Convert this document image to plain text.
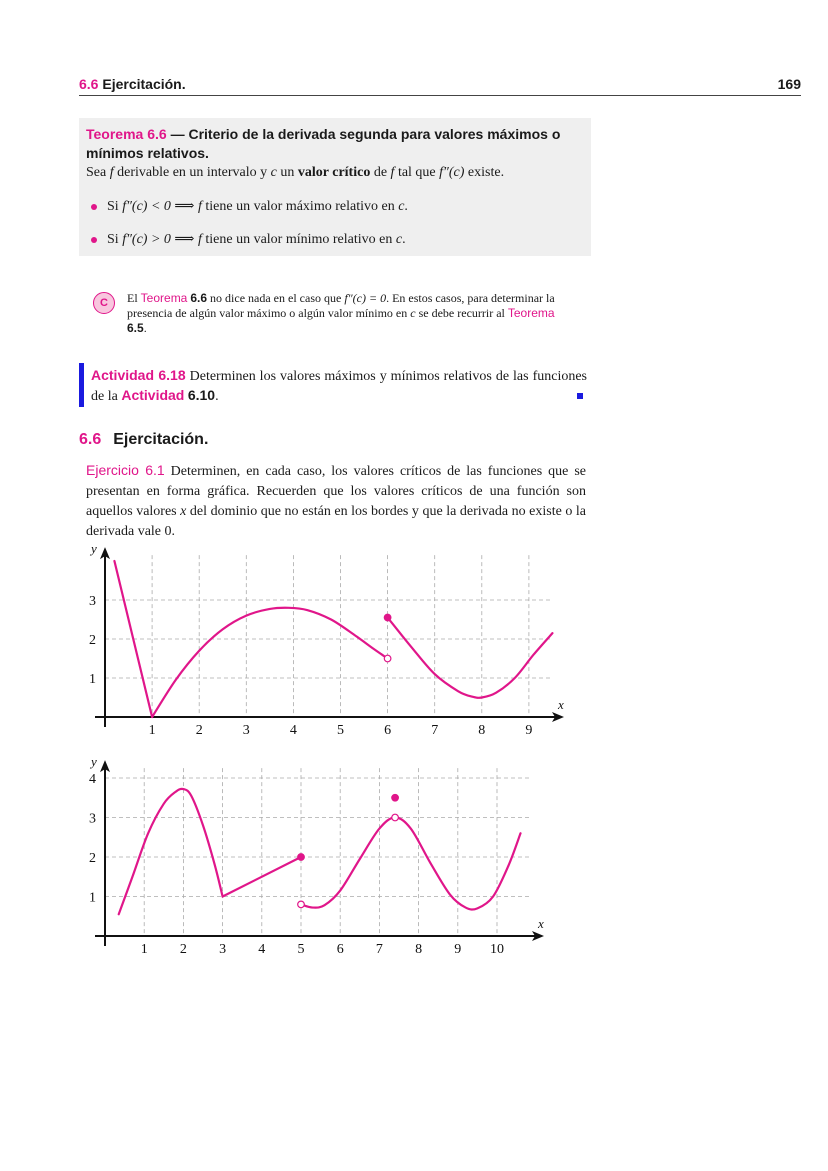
6.6 Ejercitación.	169
Teorema 6.6 — Criterio de la derivada segunda para valores máximos o mínimos relativos.
Sea f derivable en un intervalo y c un valor crítico de f tal que f″(c) existe.
Si f″(c) < 0 ⟹ f tiene un valor máximo relativo en c.
Si f″(c) > 0 ⟹ f tiene un valor mínimo relativo en c.
C	El Teorema 6.6 no dice nada en el caso que f″(c) = 0. En estos casos, para determinar la presencia de algún valor máximo o algún valor mínimo en c se debe recurrir al Teorema 6.5.
Actividad 6.18 Determinen los valores máximos y mínimos relativos de las funciones de la Actividad 6.10.
6.6 Ejercitación.
Ejercicio 6.1 Determinen, en cada caso, los valores críticos de las funciones que se presentan en forma gráfica. Recuerden que los valores críticos de una función son aquellos valores x del dominio que no están en los bordes y que la derivada no existe o la derivada vale 0.
1	2	3	4	5	6	7	8	9
1
2
3
x
y
1 2 3 4 5 6 7 8 9 10
1
2
3
4
x
y
